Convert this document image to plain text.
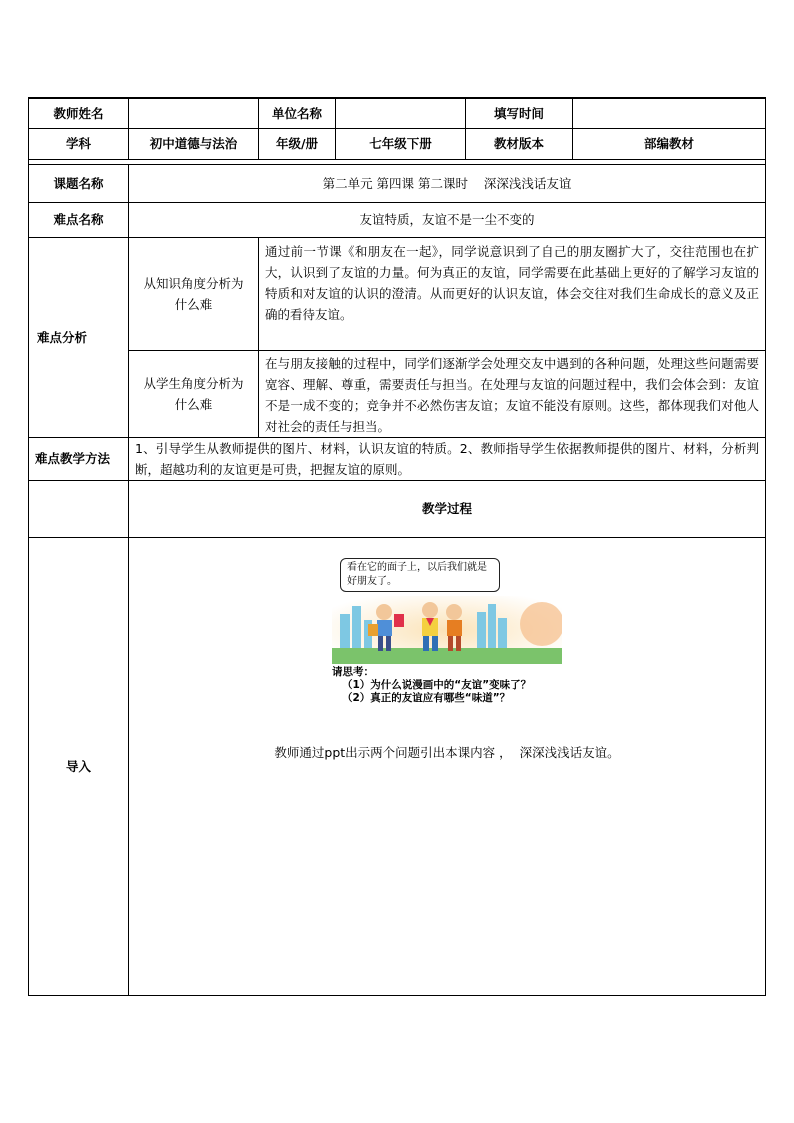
教师姓名		单位名称		填写时间	
学科	初中道德与法治	年级/册	七年级下册	教材版本	部编教材

课题名称	第二单元 第四课 第二课时    深深浅浅话友谊				
难点名称	友谊特质，友谊不是一尘不变的				
难点分析	从知识角度分析为什么难	通过前一节课《和朋友在一起》，同学说意识到了自己的朋友圈扩大了，交往范围也在扩大，认识到了友谊的力量。何为真正的友谊，同学需要在此基础上更好的了解学习友谊的特质和对友谊的认识的澄清。从而更好的认识友谊，体会交往对我们生命成长的意义及正确的看待友谊。			
	从学生角度分析为什么难	在与朋友接触的过程中，同学们逐渐学会处理交友中遇到的各种问题，处理这些问题需要宽容、理解、尊重，需要责任与担当。在处理与友谊的问题过程中，我们会体会到：友谊不是一成不变的；竞争并不必然伤害友谊；友谊不能没有原则。这些，都体现我们对他人对社会的责任与担当。			
难点教学方法	1、引导学生从教师提供的图片、材料，认识友谊的特质。2、教师指导学生依据教师提供的图片、材料，分析判断，超越功利的友谊更是可贵，把握友谊的原则。				
	教学过程				
导入	看在它的面子上，以后我们就是好朋友了。
请思考：
（1）为什么说漫画中的“友谊”变味了？
（2）真正的友谊应有哪些“味道”？
教师通过ppt出示两个问题引出本课内容 ，  深深浅浅话友谊。				
